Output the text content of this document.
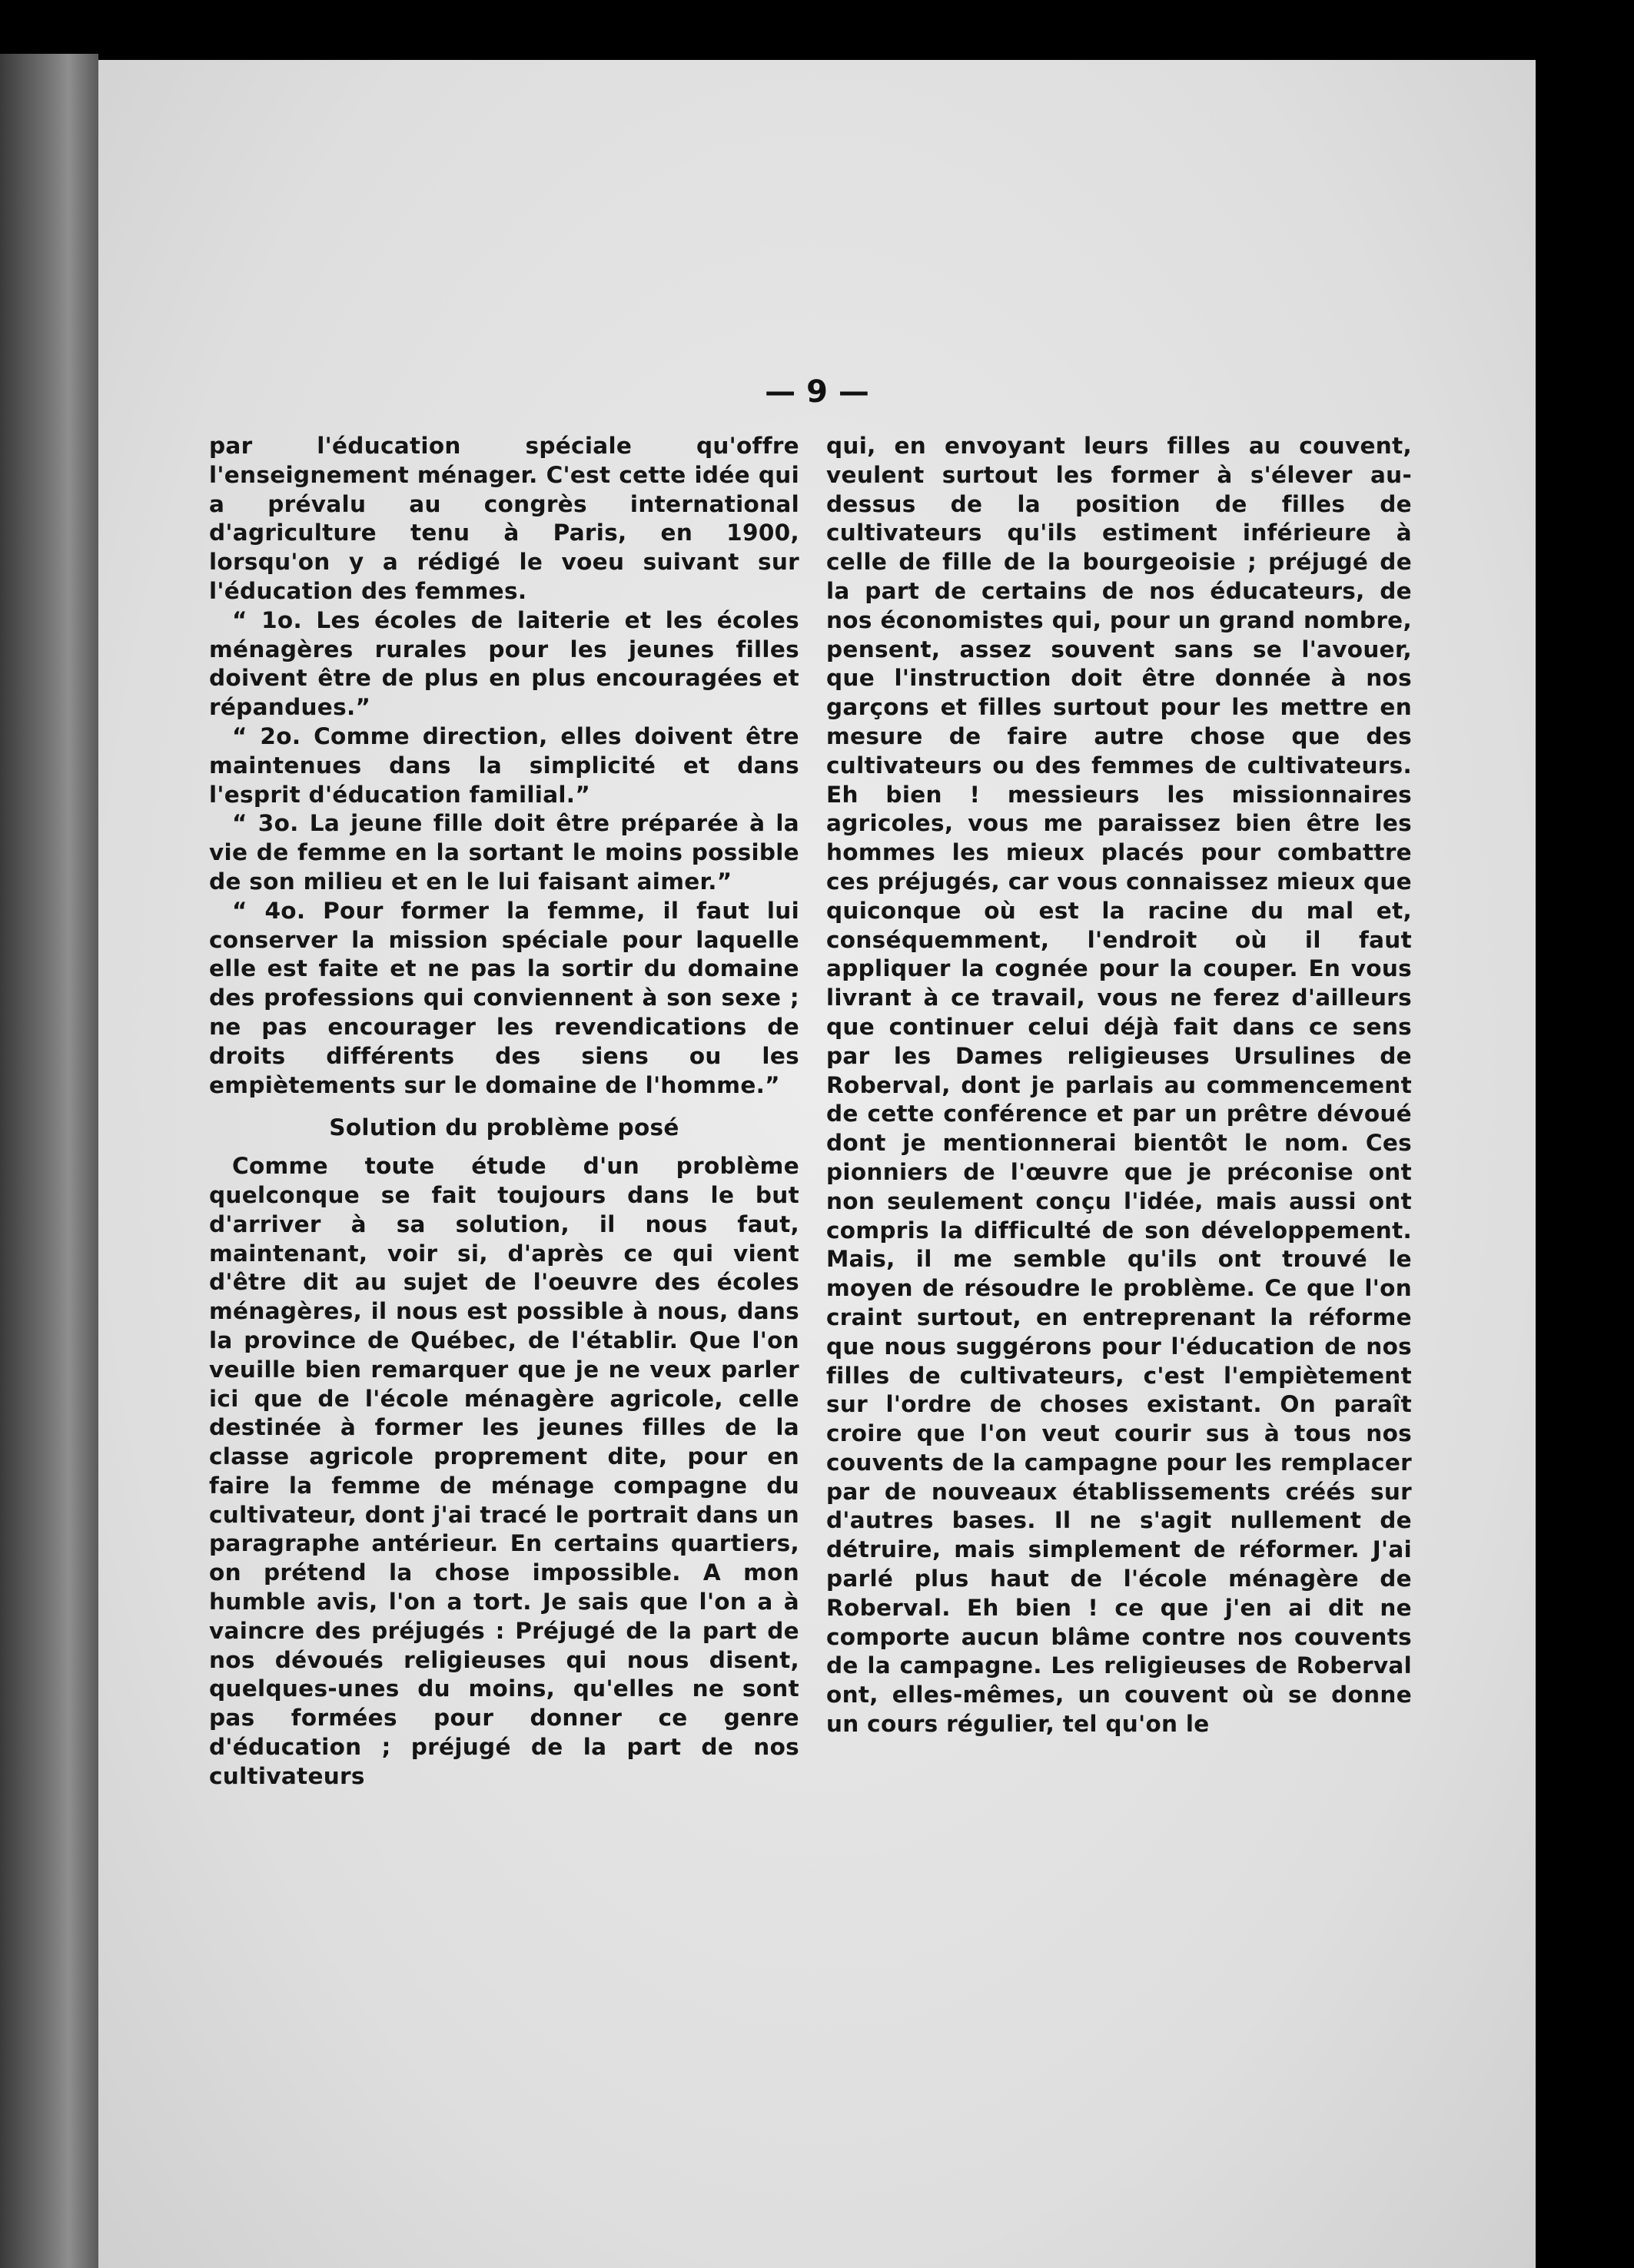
— 9 —

par l'éducation spéciale qu'offre l'enseignement ménager. C'est cette idée qui a prévalu au congrès international d'agriculture tenu à Paris, en 1900, lorsqu'on y a rédigé le voeu suivant sur l'éducation des femmes.

“ 1o. Les écoles de laiterie et les écoles ménagères rurales pour les jeunes filles doivent être de plus en plus encouragées et répandues.”

“ 2o. Comme direction, elles doivent être maintenues dans la simplicité et dans l'esprit d'éducation familial.”

“ 3o. La jeune fille doit être préparée à la vie de femme en la sortant le moins possible de son milieu et en le lui faisant aimer.”

“ 4o. Pour former la femme, il faut lui conserver la mission spéciale pour laquelle elle est faite et ne pas la sortir du domaine des professions qui conviennent à son sexe ; ne pas encourager les revendications de droits différents des siens ou les empiètements sur le domaine de l'homme.”

Solution du problème posé

Comme toute étude d'un problème quelconque se fait toujours dans le but d'arriver à sa solution, il nous faut, maintenant, voir si, d'après ce qui vient d'être dit au sujet de l'oeuvre des écoles ménagères, il nous est possible à nous, dans la province de Québec, de l'établir. Que l'on veuille bien remarquer que je ne veux parler ici que de l'école ménagère agricole, celle destinée à former les jeunes filles de la classe agricole proprement dite, pour en faire la femme de ménage compagne du cultivateur, dont j'ai tracé le portrait dans un paragraphe antérieur. En certains quartiers, on prétend la chose impossible. A mon humble avis, l'on a tort. Je sais que l'on a à vaincre des préjugés : Préjugé de la part de nos dévoués religieuses qui nous disent, quelques-unes du moins, qu'elles ne sont pas formées pour donner ce genre d'éducation ; préjugé de la part de nos cultivateurs

qui, en envoyant leurs filles au couvent, veulent surtout les former à s'élever au-dessus de la position de filles de cultivateurs qu'ils estiment inférieure à celle de fille de la bourgeoisie ; préjugé de la part de certains de nos éducateurs, de nos économistes qui, pour un grand nombre, pensent, assez souvent sans se l'avouer, que l'instruction doit être donnée à nos garçons et filles surtout pour les mettre en mesure de faire autre chose que des cultivateurs ou des femmes de cultivateurs. Eh bien ! messieurs les missionnaires agricoles, vous me paraissez bien être les hommes les mieux placés pour combattre ces préjugés, car vous connaissez mieux que quiconque où est la racine du mal et, conséquemment, l'endroit où il faut appliquer la cognée pour la couper. En vous livrant à ce travail, vous ne ferez d'ailleurs que continuer celui déjà fait dans ce sens par les Dames religieuses Ursulines de Roberval, dont je parlais au commencement de cette conférence et par un prêtre dévoué dont je mentionnerai bientôt le nom. Ces pionniers de l'œuvre que je préconise ont non seulement conçu l'idée, mais aussi ont compris la difficulté de son développement. Mais, il me semble qu'ils ont trouvé le moyen de résoudre le problème. Ce que l'on craint surtout, en entreprenant la réforme que nous suggérons pour l'éducation de nos filles de cultivateurs, c'est l'empiètement sur l'ordre de choses existant. On paraît croire que l'on veut courir sus à tous nos couvents de la campagne pour les remplacer par de nouveaux établissements créés sur d'autres bases. Il ne s'agit nullement de détruire, mais simplement de réformer. J'ai parlé plus haut de l'école ménagère de Roberval. Eh bien ! ce que j'en ai dit ne comporte aucun blâme contre nos couvents de la campagne. Les religieuses de Roberval ont, elles-mêmes, un couvent où se donne un cours régulier, tel qu'on le
